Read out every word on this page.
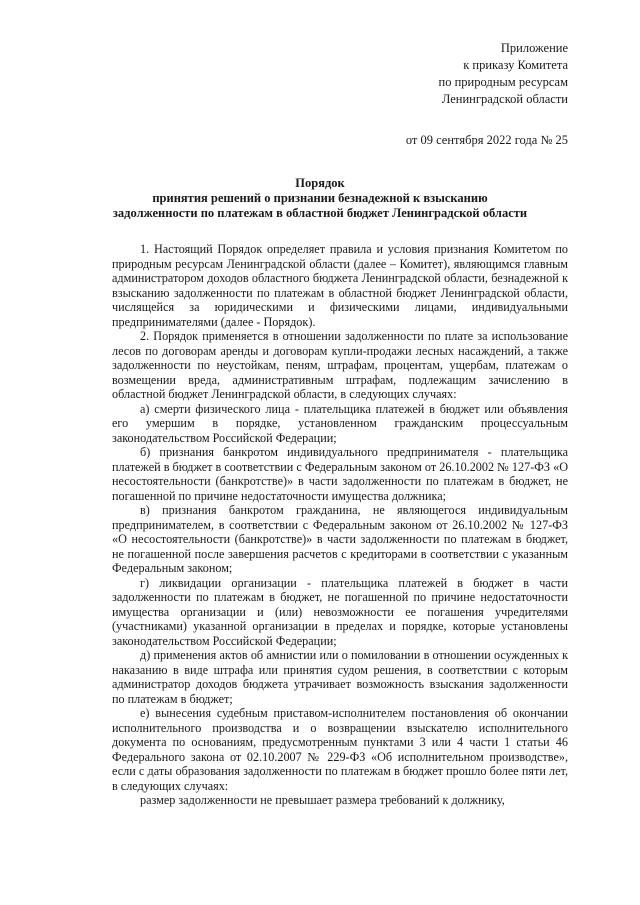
Приложение
к приказу Комитета
по природным ресурсам
Ленинградской области
от 09 сентября 2022 года № 25
Порядок
принятия решений о признании безнадежной к взысканию задолженности по платежам в областной бюджет Ленинградской области

1. Настоящий Порядок определяет правила и условия признания Комитетом по природным ресурсам Ленинградской области (далее – Комитет), являющимся главным администратором доходов областного бюджета Ленинградской области, безнадежной к взысканию задолженности по платежам в областной бюджет Ленинградской области, числящейся за юридическими и физическими лицами, индивидуальными предпринимателями (далее - Порядок).

2. Порядок применяется в отношении задолженности по плате за использование лесов по договорам аренды и договорам купли-продажи лесных насаждений, а также задолженности по неустойкам, пеням, штрафам, процентам, ущербам, платежам о возмещении вреда, административным штрафам, подлежащим зачислению в областной бюджет Ленинградской области, в следующих случаях:

а) смерти физического лица - плательщика платежей в бюджет или объявления его умершим в порядке, установленном гражданским процессуальным законодательством Российской Федерации;

б) признания банкротом индивидуального предпринимателя - плательщика платежей в бюджет в соответствии с Федеральным законом от 26.10.2002 № 127-ФЗ «О несостоятельности (банкротстве)» в части задолженности по платежам в бюджет, не погашенной по причине недостаточности имущества должника;

в) признания банкротом гражданина, не являющегося индивидуальным предпринимателем, в соответствии с Федеральным законом от 26.10.2002 № 127-ФЗ «О несостоятельности (банкротстве)» в части задолженности по платежам в бюджет, не погашенной после завершения расчетов с кредиторами в соответствии с указанным Федеральным законом;

г) ликвидации организации - плательщика платежей в бюджет в части задолженности по платежам в бюджет, не погашенной по причине недостаточности имущества организации и (или) невозможности ее погашения учредителями (участниками) указанной организации в пределах и порядке, которые установлены законодательством Российской Федерации;

д) применения актов об амнистии или о помиловании в отношении осужденных к наказанию в виде штрафа или принятия судом решения, в соответствии с которым администратор доходов бюджета утрачивает возможность взыскания задолженности по платежам в бюджет;

е) вынесения судебным приставом-исполнителем постановления об окончании исполнительного производства и о возвращении взыскателю исполнительного документа по основаниям, предусмотренным пунктами 3 или 4 части 1 статьи 46 Федерального закона от 02.10.2007 № 229-ФЗ «Об исполнительном производстве», если с даты образования задолженности по платежам в бюджет прошло более пяти лет, в следующих случаях:

размер задолженности не превышает размера требований к должнику,
